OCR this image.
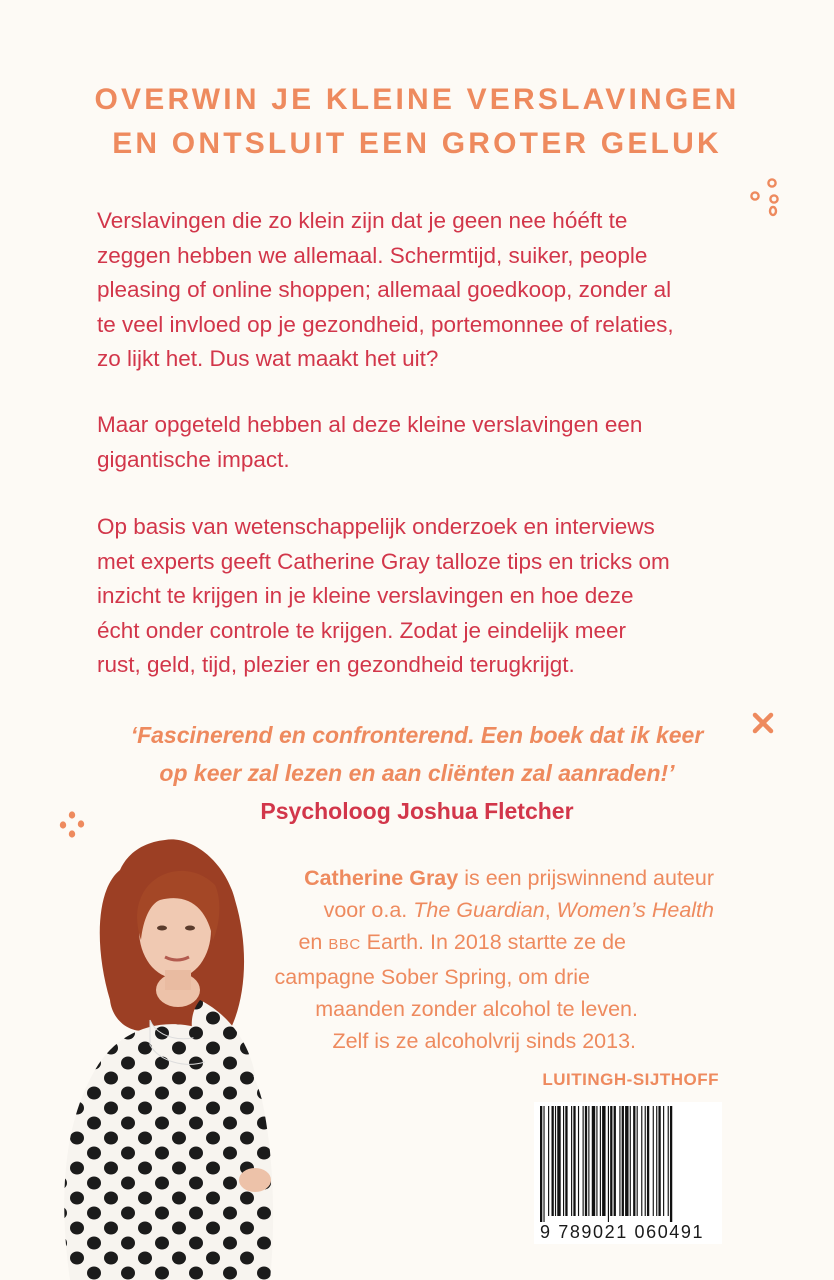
OVERWIN JE KLEINE VERSLAVINGEN
EN ONTSLUIT EEN GROTER GELUK
Verslavingen die zo klein zijn dat je geen nee hóéft te
zeggen hebben we allemaal. Schermtijd, suiker, people
pleasing of online shoppen; allemaal goedkoop, zonder al
te veel invloed op je gezondheid, portemonnee of relaties,
zo lijkt het. Dus wat maakt het uit?
Maar opgeteld hebben al deze kleine verslavingen een
gigantische impact.
Op basis van wetenschappelijk onderzoek en interviews
met experts geeft Catherine Gray talloze tips en tricks om
inzicht te krijgen in je kleine verslavingen en hoe deze
écht onder controle te krijgen. Zodat je eindelijk meer
rust, geld, tijd, plezier en gezondheid terugkrijgt.
‘Fascinerend en confronterend. Een boek dat ik keer
op keer zal lezen en aan cliënten zal aanraden!’
Psycholoog Joshua Fletcher
Catherine Gray is een prijswinnend auteur
voor o.a. The Guardian, Women’s Health
en BBC Earth. In 2018 startte ze de
campagne Sober Spring, om drie
maanden zonder alcohol te leven.
Zelf is ze alcoholvrij sinds 2013.
LUITINGH-SIJTHOFF
9 789021 060491
